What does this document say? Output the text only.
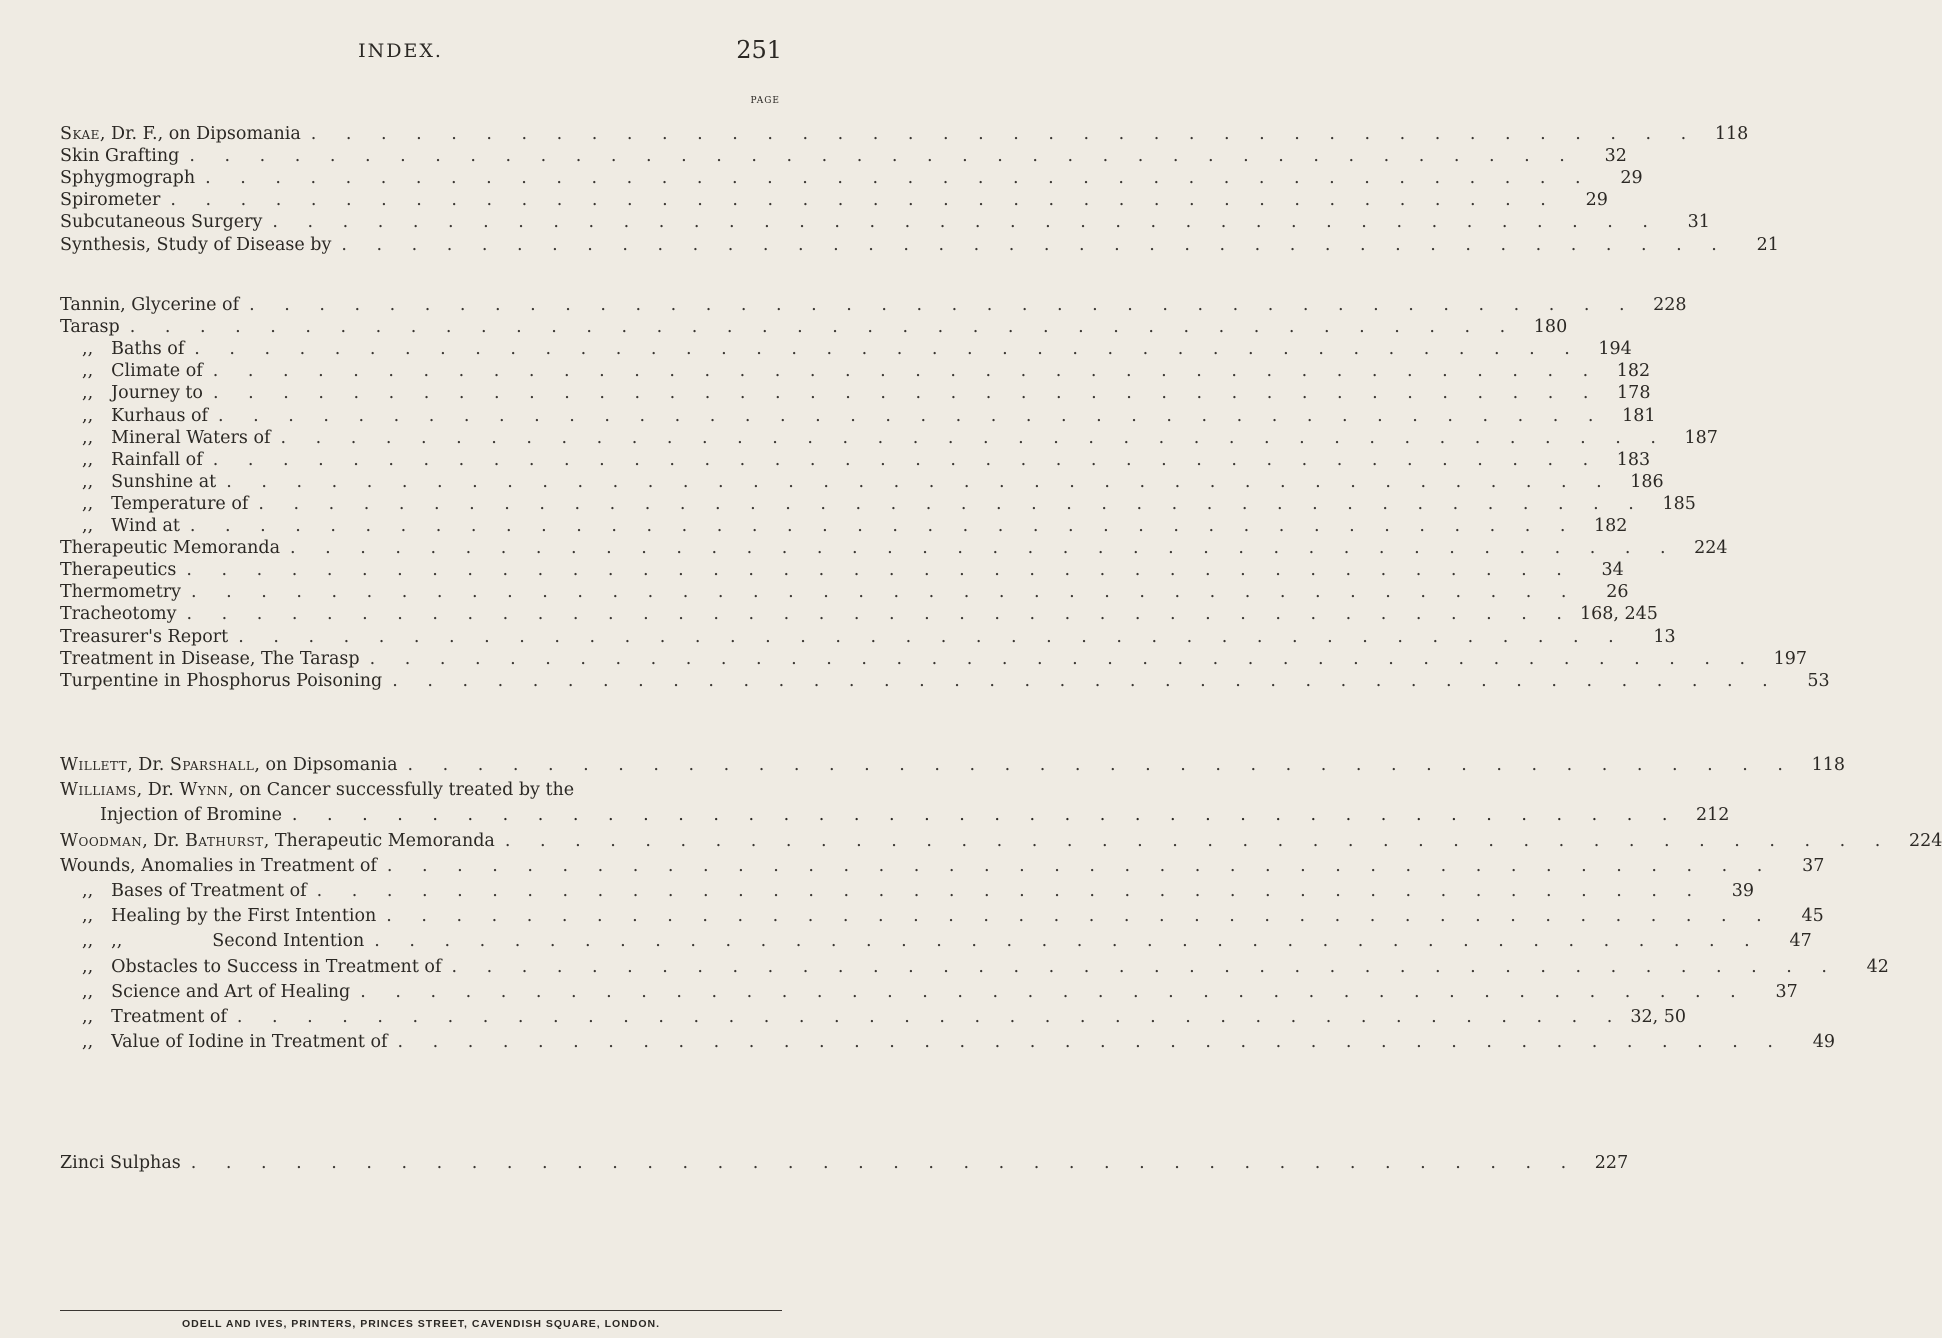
INDEX.	251
PAGE
Skae, Dr. F., on Dipsomania . . . . . . . . . . . . . . . . . . . . . . . . . . . . . . . . . . . . . . . . 118
Skin Grafting . . . . . . . . . . . . . . . . . . . . . . . . . . . . . . . . . . . . . . . .	32
Sphygmograph . . . . . . . . . . . . . . . . . . . . . . . . . . . . . . . . . . . . . . . .	29
Spirometer . . . . . . . . . . . . . . . . . . . . . . . . . . . . . . . . . . . . . . . .	29
Subcutaneous Surgery . . . . . . . . . . . . . . . . . . . . . . . . . . . . . . . . . . . . . . . .	31
Synthesis, Study of Disease by . . . . . . . . . . . . . . . . . . . . . . . . . . . . . . . . . . . . . . . .	21
Tannin, Glycerine of . . . . . . . . . . . . . . . . . . . . . . . . . . . . . . . . . . . . . . . . 228
Tarasp . . . . . . . . . . . . . . . . . . . . . . . . . . . . . . . . . . . . . . . . 180
,, Baths of . . . . . . . . . . . . . . . . . . . . . . . . . . . . . . . . . . . . . . . . 194
,, Climate of . . . . . . . . . . . . . . . . . . . . . . . . . . . . . . . . . . . . . . . . 182
,, Journey to . . . . . . . . . . . . . . . . . . . . . . . . . . . . . . . . . . . . . . . . 178
,, Kurhaus of . . . . . . . . . . . . . . . . . . . . . . . . . . . . . . . . . . . . . . . . 181
,, Mineral Waters of . . . . . . . . . . . . . . . . . . . . . . . . . . . . . . . . . . . . . . . . 187
,, Rainfall of . . . . . . . . . . . . . . . . . . . . . . . . . . . . . . . . . . . . . . . . 183
,, Sunshine at . . . . . . . . . . . . . . . . . . . . . . . . . . . . . . . . . . . . . . . . 186
,, Temperature of . . . . . . . . . . . . . . . . . . . . . . . . . . . . . . . . . . . . . . . . 185
,, Wind at . . . . . . . . . . . . . . . . . . . . . . . . . . . . . . . . . . . . . . . . 182
Therapeutic Memoranda . . . . . . . . . . . . . . . . . . . . . . . . . . . . . . . . . . . . . . . . 224
Therapeutics . . . . . . . . . . . . . . . . . . . . . . . . . . . . . . . . . . . . . . . .	34
Thermometry . . . . . . . . . . . . . . . . . . . . . . . . . . . . . . . . . . . . . . . .	26
Tracheotomy . . . . . . . . . . . . . . . . . . . . . . . . . . . . . . . . . . . . . . . . 168, 245
Treasurer's Report . . . . . . . . . . . . . . . . . . . . . . . . . . . . . . . . . . . . . . . .	13
Treatment in Disease, The Tarasp . . . . . . . . . . . . . . . . . . . . . . . . . . . . . . . . . . . . . . . . 197
Turpentine in Phosphorus Poisoning . . . . . . . . . . . . . . . . . . . . . . . . . . . . . . . . . . . . . . . .	53
Willett, Dr. Sparshall, on Dipsomania . . . . . . . . . . . . . . . . . . . . . . . . . . . . . . . . . . . . . . . . 118
Williams, Dr. Wynn, on Cancer successfully treated by the
Injection of Bromine . . . . . . . . . . . . . . . . . . . . . . . . . . . . . . . . . . . . . . . . 212
Woodman, Dr. Bathurst, Therapeutic Memoranda . . . . . . . . . . . . . . . . . . . . . . . . . . . . . . . . . . . . . . . . 224
Wounds, Anomalies in Treatment of . . . . . . . . . . . . . . . . . . . . . . . . . . . . . . . . . . . . . . . .	37
,, Bases of Treatment of . . . . . . . . . . . . . . . . . . . . . . . . . . . . . . . . . . . . . . . .	39
,, Healing by the First Intention . . . . . . . . . . . . . . . . . . . . . . . . . . . . . . . . . . . . . . . .	45
,, ,,	Second Intention . . . . . . . . . . . . . . . . . . . . . . . . . . . . . . . . . . . . . . . .	47
,, Obstacles to Success in Treatment of . . . . . . . . . . . . . . . . . . . . . . . . . . . . . . . . . . . . . . . .	42
,, Science and Art of Healing . . . . . . . . . . . . . . . . . . . . . . . . . . . . . . . . . . . . . . . .	37
,, Treatment of . . . . . . . . . . . . . . . . . . . . . . . . . . . . . . . . . . . . . . . . 32, 50
,, Value of Iodine in Treatment of . . . . . . . . . . . . . . . . . . . . . . . . . . . . . . . . . . . . . . . .	49
Zinci Sulphas . . . . . . . . . . . . . . . . . . . . . . . . . . . . . . . . . . . . . . . . 227
ODELL AND IVES, PRINTERS, PRINCES STREET, CAVENDISH SQUARE, LONDON.
